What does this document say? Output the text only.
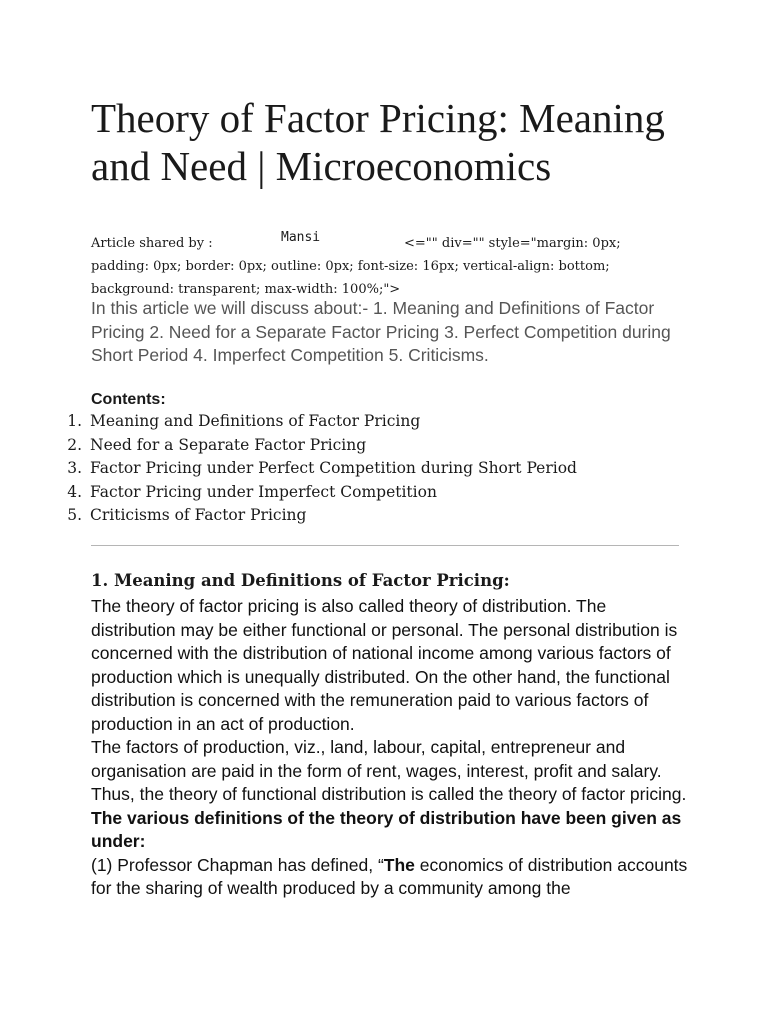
Theory of Factor Pricing: Meaning and Need | Microeconomics
Article shared by :	<="" div="" style="margin: 0px;
Mansi
padding: 0px; border: 0px; outline: 0px; font-size: 16px; vertical-align: bottom;
background: transparent; max-width: 100%;">
In this article we will discuss about:- 1. Meaning and Definitions of Factor Pricing 2. Need for a Separate Factor Pricing 3. Perfect Competition during Short Period 4. Imperfect Competition 5. Criticisms.
Contents:
1. Meaning and Definitions of Factor Pricing
2. Need for a Separate Factor Pricing
3. Factor Pricing under Perfect Competition during Short Period
4. Factor Pricing under Imperfect Competition
5. Criticisms of Factor Pricing
1. Meaning and Definitions of Factor Pricing:

The theory of factor pricing is also called theory of distribution. The distribution may be either functional or personal. The personal distribution is concerned with the distribution of national income among various factors of production which is unequally distributed. On the other hand, the functional distribution is concerned with the remuneration paid to various factors of production in an act of production.

The factors of production, viz., land, labour, capital, entrepreneur and organisation are paid in the form of rent, wages, interest, profit and salary. Thus, the theory of functional distribution is called the theory of factor pricing.

The various definitions of the theory of distribution have been given as under:

(1) Professor Chapman has defined, “The economics of distribution accounts for the sharing of wealth produced by a community among the
